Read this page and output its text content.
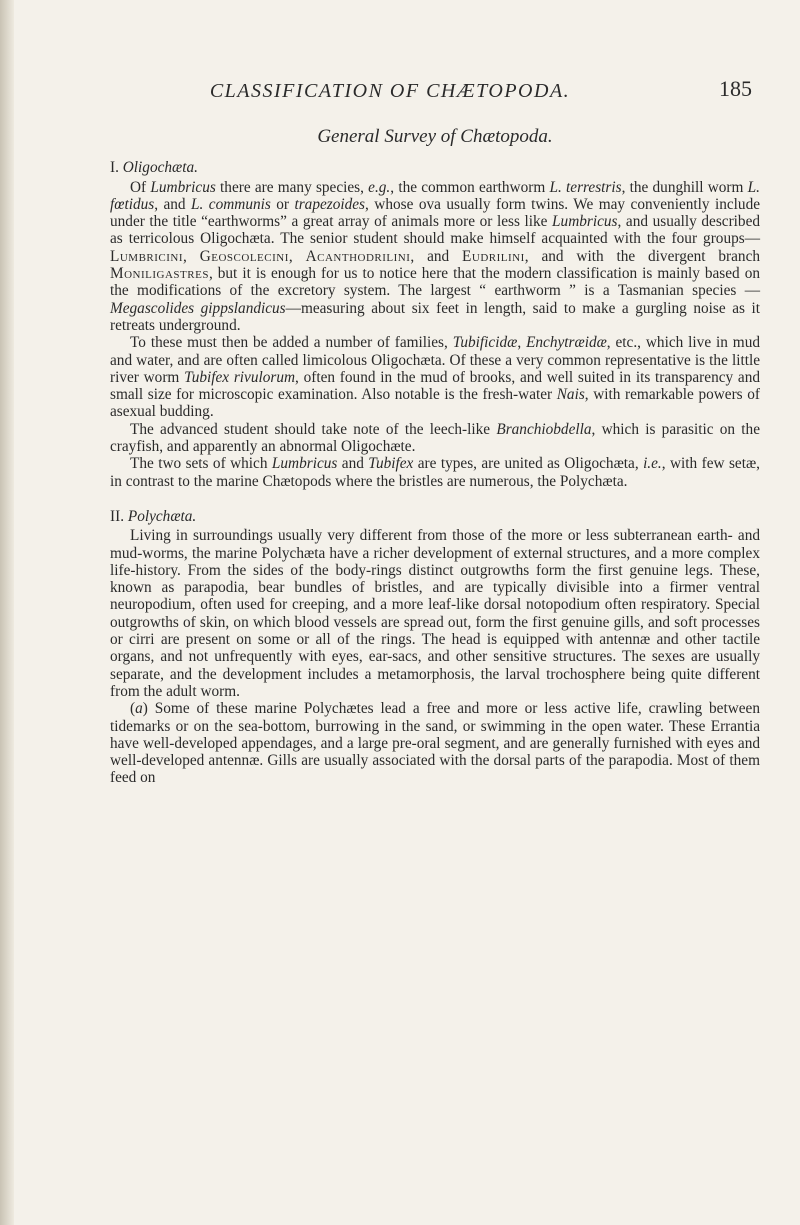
CLASSIFICATION OF CHÆTOPODA.	185
General Survey of Chætopoda.
I. Oligochæta.

Of Lumbricus there are many species, e.g., the common earthworm L. terrestris, the dunghill worm L. fœtidus, and L. communis or trapezoides, whose ova usually form twins. We may conveniently include under the title “earthworms” a great array of animals more or less like Lumbricus, and usually described as terricolous Oligochæta. The senior student should make himself acquainted with the four groups—Lumbricini, Geoscolecini, Acanthodrilini, and Eudrilini, and with the divergent branch Moniligastres, but it is enough for us to notice here that the modern classification is mainly based on the modifications of the excretory system. The largest “ earthworm ” is a Tasmanian species —Megascolides gippslandicus—measuring about six feet in length, said to make a gurgling noise as it retreats underground.

To these must then be added a number of families, Tubificidæ, Enchytræidæ, etc., which live in mud and water, and are often called limicolous Oligochæta. Of these a very common representative is the little river worm Tubifex rivulorum, often found in the mud of brooks, and well suited in its transparency and small size for microscopic examination. Also notable is the fresh-water Nais, with remarkable powers of asexual budding.

The advanced student should take note of the leech-like Branchiobdella, which is parasitic on the crayfish, and apparently an abnormal Oligochæte.

The two sets of which Lumbricus and Tubifex are types, are united as Oligochæta, i.e., with few setæ, in contrast to the marine Chætopods where the bristles are numerous, the Polychæta.

II. Polychæta.

Living in surroundings usually very different from those of the more or less subterranean earth- and mud-worms, the marine Polychæta have a richer development of external structures, and a more complex life-history. From the sides of the body-rings distinct outgrowths form the first genuine legs. These, known as parapodia, bear bundles of bristles, and are typically divisible into a firmer ventral neuropodium, often used for creeping, and a more leaf-like dorsal notopodium often respiratory. Special outgrowths of skin, on which blood vessels are spread out, form the first genuine gills, and soft processes or cirri are present on some or all of the rings. The head is equipped with antennæ and other tactile organs, and not unfrequently with eyes, ear-sacs, and other sensitive structures. The sexes are usually separate, and the development includes a metamorphosis, the larval trochosphere being quite different from the adult worm.

(a) Some of these marine Polychætes lead a free and more or less active life, crawling between tidemarks or on the sea-bottom, burrowing in the sand, or swimming in the open water. These Errantia have well-developed appendages, and a large pre-oral segment, and are generally furnished with eyes and well-developed antennæ. Gills are usually associated with the dorsal parts of the parapodia. Most of them feed on
